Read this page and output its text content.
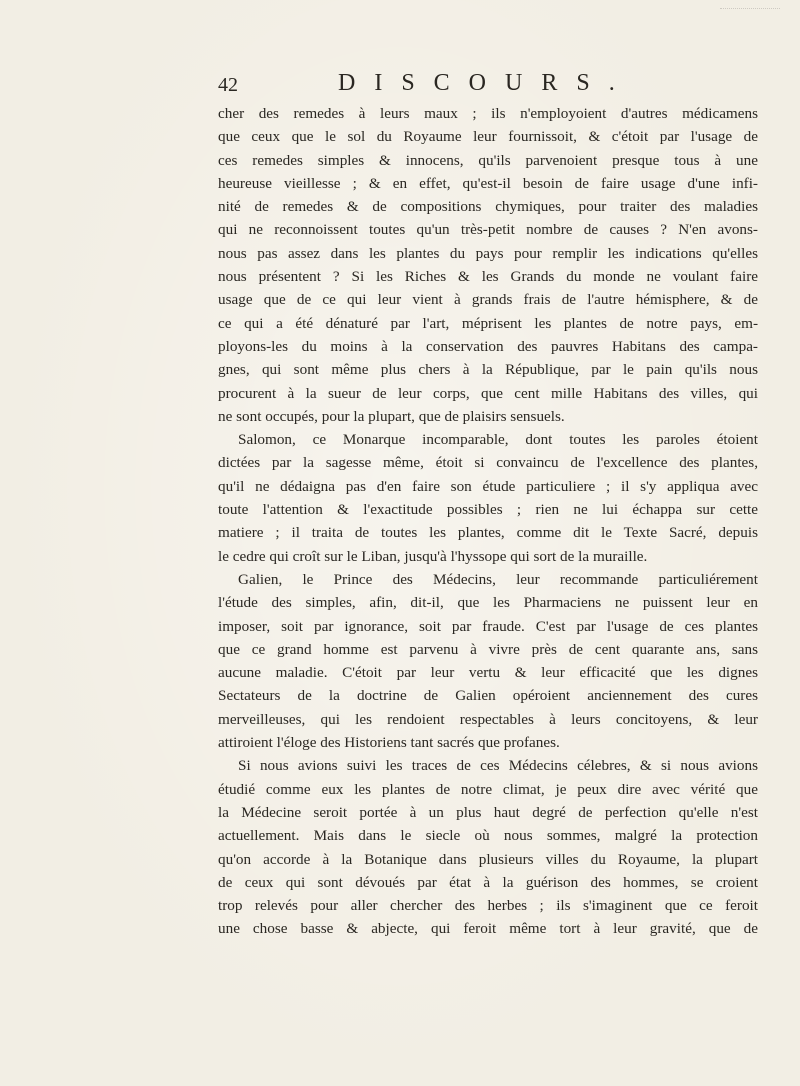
42	DISCOURS.
cher des remedes à leurs maux ; ils n'employoient d'autres médicamens
que ceux que le sol du Royaume leur fournissoit, & c'étoit par l'usage de
ces remedes simples & innocens, qu'ils parvenoient presque tous à une
heureuse vieillesse ; & en effet, qu'est-il besoin de faire usage d'une infi-
nité de remedes & de compositions chymiques, pour traiter des maladies
qui ne reconnoissent toutes qu'un très-petit nombre de causes ? N'en avons-
nous pas assez dans les plantes du pays pour remplir les indications qu'elles
nous présentent ? Si les Riches & les Grands du monde ne voulant faire
usage que de ce qui leur vient à grands frais de l'autre hémisphere, & de
ce qui a été dénaturé par l'art, méprisent les plantes de notre pays, em-
ployons-les du moins à la conservation des pauvres Habitans des campa-
gnes, qui sont même plus chers à la République, par le pain qu'ils nous
procurent à la sueur de leur corps, que cent mille Habitans des villes, qui
ne sont occupés, pour la plupart, que de plaisirs sensuels.
Salomon, ce Monarque incomparable, dont toutes les paroles étoient
dictées par la sagesse même, étoit si convaincu de l'excellence des plantes,
qu'il ne dédaigna pas d'en faire son étude particuliere ; il s'y appliqua avec
toute l'attention & l'exactitude possibles ; rien ne lui échappa sur cette
matiere ; il traita de toutes les plantes, comme dit le Texte Sacré, depuis
le cedre qui croît sur le Liban, jusqu'à l'hyssope qui sort de la muraille.
Galien, le Prince des Médecins, leur recommande particuliérement
l'étude des simples, afin, dit-il, que les Pharmaciens ne puissent leur en
imposer, soit par ignorance, soit par fraude. C'est par l'usage de ces plantes
que ce grand homme est parvenu à vivre près de cent quarante ans, sans
aucune maladie. C'étoit par leur vertu & leur efficacité que les dignes
Sectateurs de la doctrine de Galien opéroient anciennement des cures
merveilleuses, qui les rendoient respectables à leurs concitoyens, & leur
attiroient l'éloge des Historiens tant sacrés que profanes.
Si nous avions suivi les traces de ces Médecins célebres, & si nous avions
étudié comme eux les plantes de notre climat, je peux dire avec vérité que
la Médecine seroit portée à un plus haut degré de perfection qu'elle n'est
actuellement. Mais dans le siecle où nous sommes, malgré la protection
qu'on accorde à la Botanique dans plusieurs villes du Royaume, la plupart
de ceux qui sont dévoués par état à la guérison des hommes, se croient
trop relevés pour aller chercher des herbes ; ils s'imaginent que ce feroit
une chose basse & abjecte, qui feroit même tort à leur gravité, que de
